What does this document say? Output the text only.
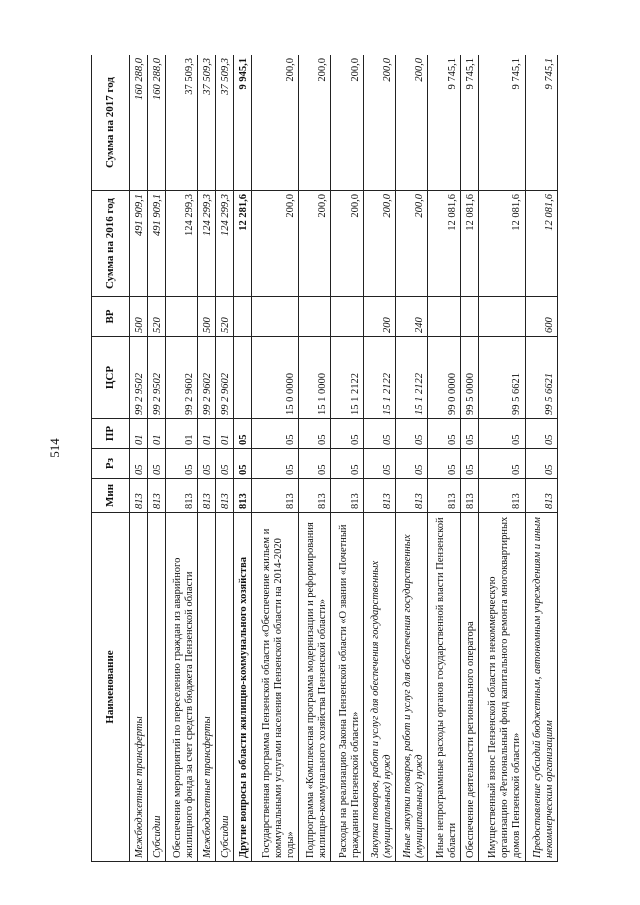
514
Наименование	Мин	Рз	ПР	ЦСР	ВР	Сумма на 2016 год	Сумма на 2017 год
Межбюджетные трансферты	813	05	01	99 2 9502	500	491 909,1	160 288,0
Субсидии	813	05	01	99 2 9502	520	491 909,1	160 288,0
Обеспечение мероприятий по переселению граждан из аварийного жилищного фонда за счет средств бюджета Пензенской области	813	05	01	99 2 9602		124 299,3	37 509,3
Межбюджетные трансферты	813	05	01	99 2 9602	500	124 299,3	37 509,3
Субсидии	813	05	01	99 2 9602	520	124 299,3	37 509,3
Другие вопросы в области жилищно-коммунального хозяйства	813	05	05			12 281,6	9 945,1
Государственная программа Пензенской области «Обеспечение жильем и коммунальными услугами населения Пензенской области на 2014-2020 годы»	813	05	05	15 0 0000		200,0	200,0
Подпрограмма «Комплексная программа модернизации и реформирования жилищно-коммунального хозяйства Пензенской области»	813	05	05	15 1 0000		200,0	200,0
Расходы на реализацию Закона Пензенской области «О звании «Почетный гражданин Пензенской области»	813	05	05	15 1 2122		200,0	200,0
Закупка товаров, работ и услуг для обеспечения государственных (муниципальных) нужд	813	05	05	15 1 2122	200	200,0	200,0
Иные закупки товаров, работ и услуг для обеспечения государственных (муниципальных) нужд	813	05	05	15 1 2122	240	200,0	200,0
Иные непрограммные расходы органов государственной власти Пензенской области	813	05	05	99 0 0000		12 081,6	9 745,1
Обеспечение деятельности регионального оператора	813	05	05	99 5 0000		12 081,6	9 745,1
Имущественный взнос Пензенской области в некоммерческую организацию «Региональный фонд капитального ремонта многоквартирных домов Пензенской области»	813	05	05	99 5 6621		12 081,6	9 745,1
Предоставление субсидий бюджетным, автономным учреждениям и иным некоммерческим организациям	813	05	05	99 5 6621	600	12 081,6	9 745,1
